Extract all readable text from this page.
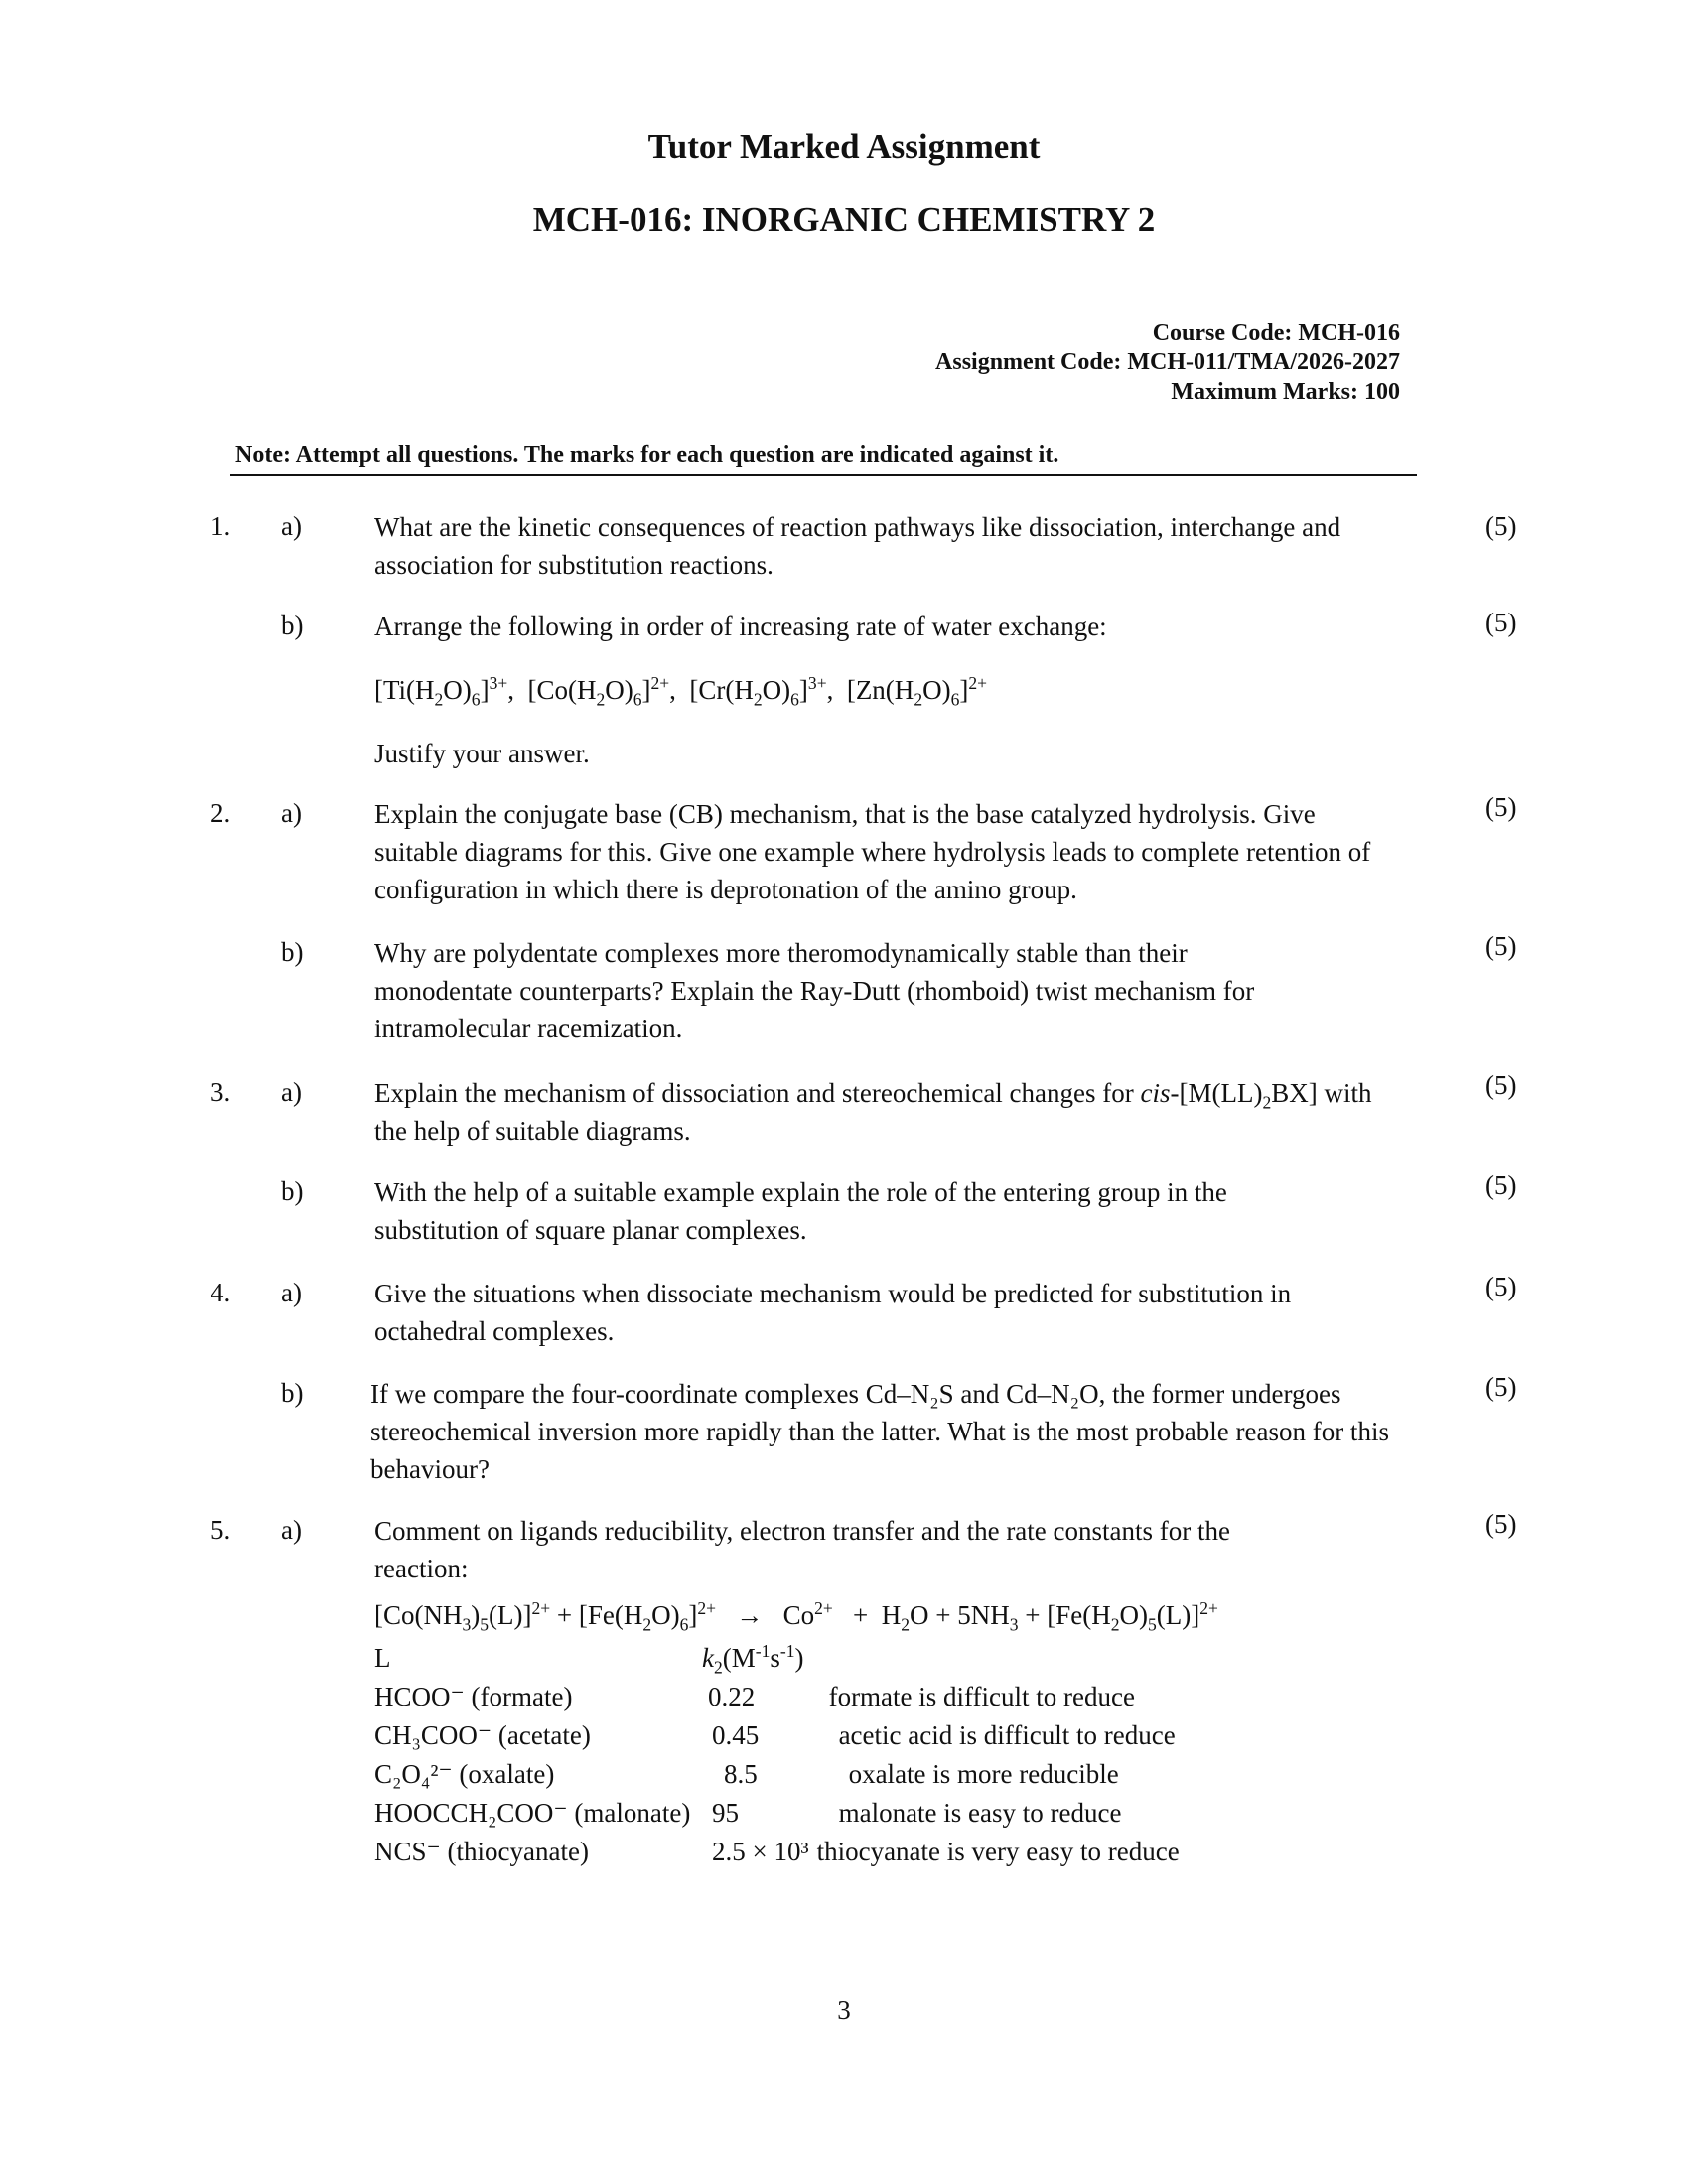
Tutor Marked Assignment
MCH-016: INORGANIC CHEMISTRY 2
Course Code: MCH-016
Assignment Code: MCH-011/TMA/2026-2027
Maximum Marks: 100
Note: Attempt all questions. The marks for each question are indicated against it.
1. a)	What are the kinetic consequences of reaction pathways like dissociation, interchange and association for substitution reactions.
(5)
b)	Arrange the following in order of increasing rate of water exchange:	(5)
$[Ti(H_2O)_6]^{3+}$,  $[Co(H_2O)_6]^{2+}$,  $[Cr(H_2O)_6]^{3+}$,  $[Zn(H_2O)_6]^{2+}$
Justify your answer.
2. a)	Explain the conjugate base (CB) mechanism, that is the base catalyzed hydrolysis. Give suitable diagrams for this. Give one example where hydrolysis leads to complete retention of configuration in which there is deprotonation of the amino group.
(5)
b)	Why are polydentate complexes more theromodynamically stable than their monodentate counterparts? Explain the Ray-Dutt (rhomboid) twist mechanism for intramolecular racemization.
(5)
3. a)	Explain the mechanism of dissociation and stereochemical changes for cis-$[M(LL)_2BX]$ with the help of suitable diagrams.
(5)
b)	With the help of a suitable example explain the role of the entering group in the substitution of square planar complexes.
(5)
4. a)	Give the situations when dissociate mechanism would be predicted for substitution in octahedral complexes.
(5)
b)	If we compare the four-coordinate complexes Cd–N₂S and Cd–N₂O, the former undergoes stereochemical inversion more rapidly than the latter. What is the most probable reason for this behaviour?
(5)
5. a)	Comment on ligands reducibility, electron transfer and the rate constants for the reaction:
(5)
$[Co(NH_3)_5(L)]^{2+} + [Fe(H_2O)_6]^{2+} \to Co^{2+} + H_2O + 5NH_3 + [Fe(H_2O)_5(L)]^{2+}$
L	$k_2(M^{-1}s^{-1})$	
HCOO⁻ (formate)	0.22	formate is difficult to reduce
CH₃COO⁻ (acetate)	0.45	acetic acid is difficult to reduce
C₂O₄²⁻ (oxalate)	8.5	oxalate is more reducible
HOOCCH₂COO⁻ (malonate)	95	malonate is easy to reduce
NCS⁻ (thiocyanate)	2.5 × 10³	thiocyanate is very easy to reduce
3
